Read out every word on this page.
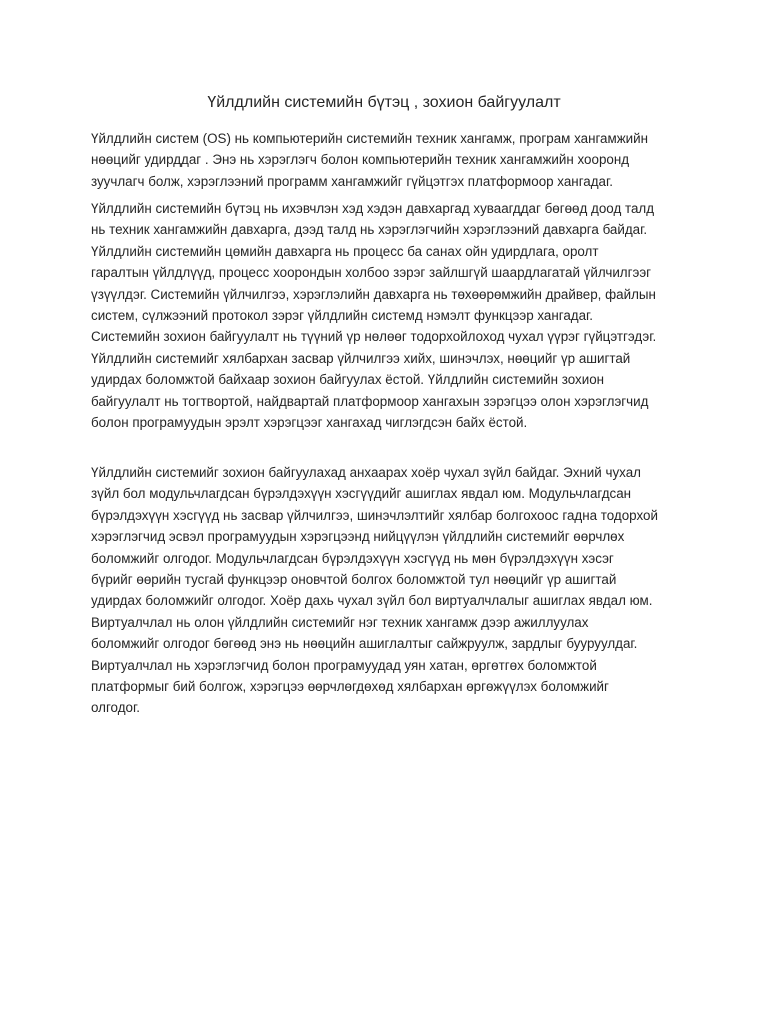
Үйлдлийн системийн бүтэц , зохион байгуулалт

Үйлдлийн систем (OS) нь компьютерийн системийн техник хангамж, програм хангамжийн
нөөцийг удирддаг . Энэ нь хэрэглэгч болон компьютерийн техник хангамжийн хооронд
зуучлагч болж, хэрэглээний программ хангамжийг гүйцэтгэх платформоор хангадаг.

Үйлдлийн системийн бүтэц нь ихэвчлэн хэд хэдэн давхаргад хуваагддаг бөгөөд доод талд
нь техник хангамжийн давхарга, дээд талд нь хэрэглэгчийн хэрэглээний давхарга байдаг.
Үйлдлийн системийн цөмийн давхарга нь процесс ба санах ойн удирдлага, оролт
гаралтын үйлдлүүд, процесс хоорондын холбоо зэрэг зайлшгүй шаардлагатай үйлчилгээг
үзүүлдэг. Системийн үйлчилгээ, хэрэглэлийн давхарга нь төхөөрөмжийн драйвер, файлын
систем, сүлжээний протокол зэрэг үйлдлийн системд нэмэлт функцээр хангадаг.
Системийн зохион байгуулалт нь түүний үр нөлөөг тодорхойлоход чухал үүрэг гүйцэтгэдэг.
Үйлдлийн системийг хялбархан засвар үйлчилгээ хийх, шинэчлэх, нөөцийг үр ашигтай
удирдах боломжтой байхаар зохион байгуулах ёстой. Үйлдлийн системийн зохион
байгуулалт нь тогтвортой, найдвартай платформоор хангахын зэрэгцээ олон хэрэглэгчид
болон програмуудын эрэлт хэрэгцээг хангахад чиглэгдсэн байх ёстой.

Үйлдлийн системийг зохион байгуулахад анхаарах хоёр чухал зүйл байдаг. Эхний чухал
зүйл бол модульчлагдсан бүрэлдэхүүн хэсгүүдийг ашиглах явдал юм. Модульчлагдсан
бүрэлдэхүүн хэсгүүд нь засвар үйлчилгээ, шинэчлэлтийг хялбар болгохоос гадна тодорхой
хэрэглэгчид эсвэл програмуудын хэрэгцээнд нийцүүлэн үйлдлийн системийг өөрчлөх
боломжийг олгодог. Модульчлагдсан бүрэлдэхүүн хэсгүүд нь мөн бүрэлдэхүүн хэсэг
бүрийг өөрийн тусгай функцээр оновчтой болгох боломжтой тул нөөцийг үр ашигтай
удирдах боломжийг олгодог. Хоёр дахь чухал зүйл бол виртуалчлалыг ашиглах явдал юм.
Виртуалчлал нь олон үйлдлийн системийг нэг техник хангамж дээр ажиллуулах
боломжийг олгодог бөгөөд энэ нь нөөцийн ашиглалтыг сайжруулж, зардлыг бууруулдаг.
Виртуалчлал нь хэрэглэгчид болон програмуудад уян хатан, өргөтгөх боломжтой
платформыг бий болгож, хэрэгцээ өөрчлөгдөхөд хялбархан өргөжүүлэх боломжийг
олгодог.
